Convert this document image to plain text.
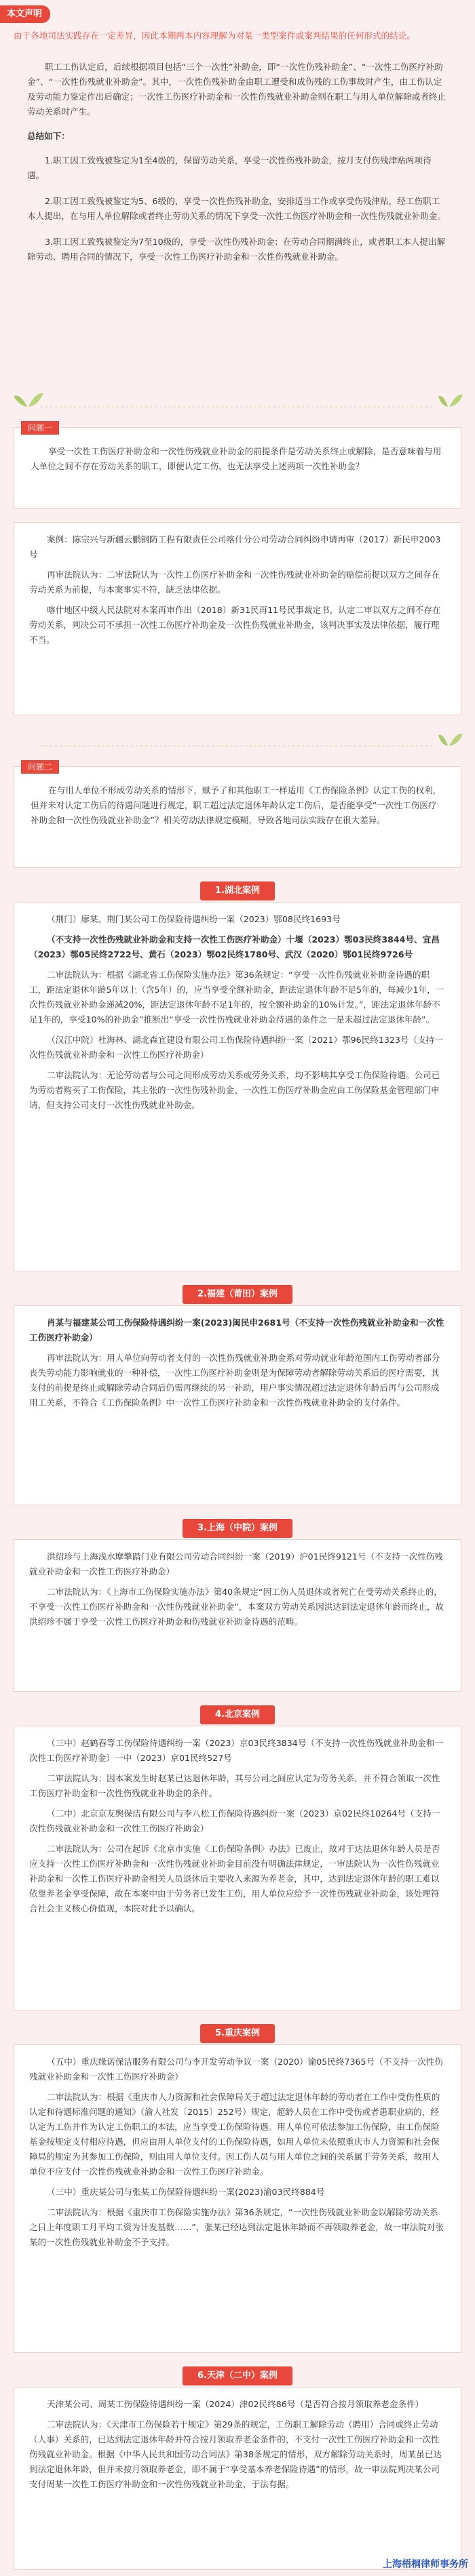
本文声明
由于各地司法实践存在一定差异，因此本期两本内容理解为对某一类型案件或案判结果的任何形式的结论。

职工工伤认定后，后续根据项目包括“三个一次性”补助金，即“一次性伤残补助金”、“一次性工伤医疗补助金”、“一次性伤残就业补助金”。其中，一次性伤残补助金由职工遭受和成伤残的工伤事故时产生，由工伤认定及劳动能力鉴定作出后确定；一次性工伤医疗补助金和一次性伤残就业补助金则在职工与用人单位解除或者终止劳动关系时产生。

总结如下：

1.职工因工致残被鉴定为1至4级的，保留劳动关系，享受一次性伤残补助金，按月支付伤残津贴两项待遇。

2.职工因工致残被鉴定为5、6级的，享受一次性伤残补助金，安排适当工作或享受伤残津贴，经工伤职工本人提出，在与用人单位解除或者终止劳动关系的情况下享受一次性工伤医疗补助金和一次性伤残就业补助金。

3.职工因工致残被鉴定为7至10级的，享受一次性伤残补助金；在劳动合同期满终止，或者职工本人提出解除劳动、聘用合同的情况下，享受一次性工伤医疗补助金和一次性伤残就业补助金。

问题一

享受一次性工伤医疗补助金和一次性伤残就业补助金的前提条件是劳动关系终止或解除，是否意味着与用人单位之间不存在劳动关系的职工，即便认定工伤，也无法享受上述两项一次性补助金？

案例：陈宗兴与新疆云鹏钢防工程有限责任公司喀什分公司劳动合同纠纷申请再审（2017）新民申2003号

再审法院认为：二审法院认为一次性工伤医疗补助金和一次性伤残就业补助金的赔偿前提以双方之间存在劳动关系为前提，与本案事实不符，缺乏法律依据。

喀什地区中级人民法院对本案再审作出（2018）新31民再11号民事裁定书，认定二审以双方之间不存在劳动关系，判决公司不承担一次性工伤医疗补助金及一次性伤残就业补助金，该判决事实及法律依据，履行理不当。

问题二

在与用人单位不形成劳动关系的情形下，赋予了和其他职工一样适用《工伤保险条例》认定工伤的权利，但并未对认定工伤后的待遇问题进行规定，职工超过法定退休年龄认定工伤后，是否能享受“一次性工伤医疗补助金和一次性伤残就业补助金”？相关劳动法律规定模糊，导致各地司法实践存在很大差异。

1.湖北案例

（荆门）廖某、荆门某公司工伤保险待遇纠纷一案（2023）鄂08民终1693号

（不支持一次性伤残就业补助金和支持一次性工伤医疗补助金）十堰（2023）鄂03民终3844号、宜昌（2023）鄂05民终2722号、黄石（2023）鄂02民终1780号、武汉（2020）鄂01民终9726号

二审法院认为：根据《湖北省工伤保险实施办法》第36条规定：“享受一次性伤残就业补助金待遇的职工，距法定退休年龄5年以上（含5年）的，应当享受全额补助金，距法定退休年龄不足5年的，每减少1年，一次性伤残就业补助金递减20%，距法定退休年龄不足1年的，按全额补助金的10%计发。”，距法定退休年龄不足1年的，享受10%的补助金”推断出“享受一次性伤残就业补助金待遇的条件之一是未超过法定退休年龄”。

（汉江中院）杜海林、湖北森宜建设有限公司工伤保险待遇纠纷一案（2021）鄂96民终1323号（支持一次性伤残就业补助金和一次性工伤医疗补助金）

二审法院认为：无论劳动者与公司之间形成劳动关系或劳务关系，均不影响其享受工伤保险待遇。公司已为劳动者购买了工伤保险，其主张的一次性伤残补助金、一次性工伤医疗补助金应由工伤保险基金管理部门申请，但支持公司支付一次性伤残就业补助金。

2.福建（莆田）案例

肖某与福建某公司工伤保险待遇纠纷一案(2023)闽民申2681号（不支持一次性伤残就业补助金和一次性工伤医疗补助金）

再审法院认为：用人单位向劳动者支付的一次性伤残就业补助金系对劳动就业年龄范围内工伤劳动者部分丧失劳动能力影响就业的一种补偿，一次性工伤医疗补助金则是为保障劳动者解除劳动关系后的医疗需要，其支付的前提是终止或解除劳动合同后仍需再继续的另一补助，用户事实情况超过法定退休年龄后再与公司形成用工关系，不符合《工伤保险条例》中一次性工伤医疗补助金和一次性伤残就业补助金的支付条件。

3.上海（中院）案例

洪绍珍与上海浅水摩擎踏门业有限公司劳动合同纠纷一案（2019）沪01民终9121号（不支持一次性伤残就业补助金和一次性工伤医疗补助金）

二审法院认为：《上海市工伤保险实施办法》第40条规定“因工伤人员退休或者死亡在受劳动关系终止的，不享受一次性工伤医疗补助金和一次性伤残就业补助金”，本案双方劳动关系因洪达到法定退休年龄而终止，故洪绍珍不属于享受一次性工伤医疗补助金和伤残就业补助金待遇的范畴。

4.北京案例

（三中）赵鹤春等工伤保险待遇纠纷一案（2023）京03民终3834号（不支持一次性伤残就业补助金和一次性工伤医疗补助金）一中（2023）京01民终527号

二审法院认为：因本案发生时赵某已达退休年龄，其与公司之间应认定为劳务关系，并不符合领取一次性工伤医疗补助金和一次性伤残就业补助金的条件。

（二中）北京京友舆保洁有限公司与李八松工伤保险待遇纠纷一案（2023）京02民终10264号（支持一次性伤残就业补助金和一次性工伤医疗补助金）

二审法院认为：公司在起诉《北京市实施〈工伤保险条例〉办法》已废止，故对于达法退休年龄人员是否应支持一次性工伤医疗补助金和一次性伤残就业补助金目前没有明确法律规定，一审法院认为一次性伤残就业补助金和一次性工伤医疗补助金相关人员退休后主要收入来源为养老金，其中，达到法定退休年龄的职工难以依靠养老金享受保障，故在本案中由于劳务者已发生工伤，用人单位应给予一次性伤残就业补助金，该处理符合社会主义核心价值观，本院对此予以确认。

5.重庆案例

（五中）重庆缘诺保洁服务有限公司与李开发劳动争议一案（2020）渝05民终7365号（不支持一次性伤残就业补助金和一次性工伤医疗补助金）

二审法院认为：根据《重庆市人力资源和社会保障局关于超过法定退休年龄的劳动者在工作中受伤性质的认定和待遇标准问题的通知》（渝人社发〔2015〕252号）规定，超龄人员在工作中受伤或者患职业病的，经认定为工伤并作为认定工伤职工的本法，应当享受工伤保险待遇。用人单位可依法参加工伤保险，由工伤保险基金按规定支付相应待遇，但应由用人单位支付的工伤保险待遇，如用人单位未依照重庆市人力资源和社会保障局的规定为其参加工伤保险，则由用人单位支付。因工伤人员与用人单位之间的关系属于劳务关系，故用人单位不应支付一次性伤残就业补助金和一次性工伤医疗补助金。

（三中）重庆某公司与张某工伤保险待遇纠纷一案(2023)渝03民终884号

二审法院认为：根据《重庆市工伤保险实施办法》第36条规定，“一次性伤残就业补助金以解除劳动关系之日上年度职工月平均工资为计发基数……”，张某已经达到法定退休年龄而不再领取养老金，故一审法院对张某的一次性伤残就业补助金不予支持。

6.天津（二中）案例

天津某公司、周某工伤保险待遇纠纷一案（2024）津02民终86号（是否符合按月领取养老金条件）

二审法院认为：《天津市工伤保险若干规定》第29条的规定，工伤职工解除劳动（聘用）合同或终止劳动（人事）关系的，已达到法定退休年龄并符合按月领取养老金条件的，不支付一次性工伤医疗补助金和一次性伤残就业补助金。根据《中华人民共和国劳动合同法》第38条规定的情形，双方解除劳动关系时，周某虽已达到法定退休年龄，但并未按月领取养老金，即不属于“享受基本养老保险待遇”的情形，故一审法院判决某公司支付周某一次性工伤医疗补助金和一次性伤残就业补助金，于法有据。

上海梧桐律师事务所
